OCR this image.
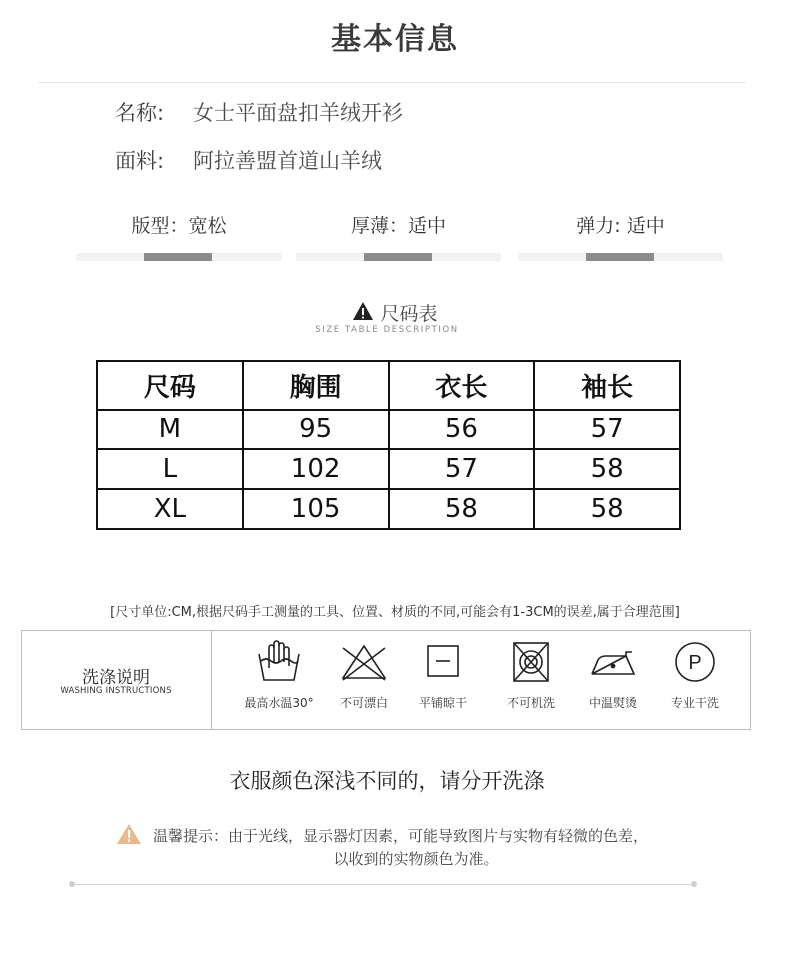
基本信息
名称: 女士平面盘扣羊绒开衫
面料: 阿拉善盟首道山羊绒
版型：宽松	厚薄：适中	弹力: 适中
尺码表
SIZE TABLE DESCRIPTION
尺码	胸围	衣长	袖长
M	95	56	57
L	102	57	58
XL	105	58	58
[尺寸单位:CM,根据尺码手工测量的工具、位置、材质的不同,可能会有1-3CM的误差,属于合理范围]
洗涤说明
WASHING INSTRUCTIONS
最高水温30°	不可漂白	平铺晾干	不可机洗	中温熨烫
P
专业干洗
衣服颜色深浅不同的，请分开洗涤
温馨提示：由于光线，显示器灯因素，可能导致图片与实物有轻微的色差，
以收到的实物颜色为准。
